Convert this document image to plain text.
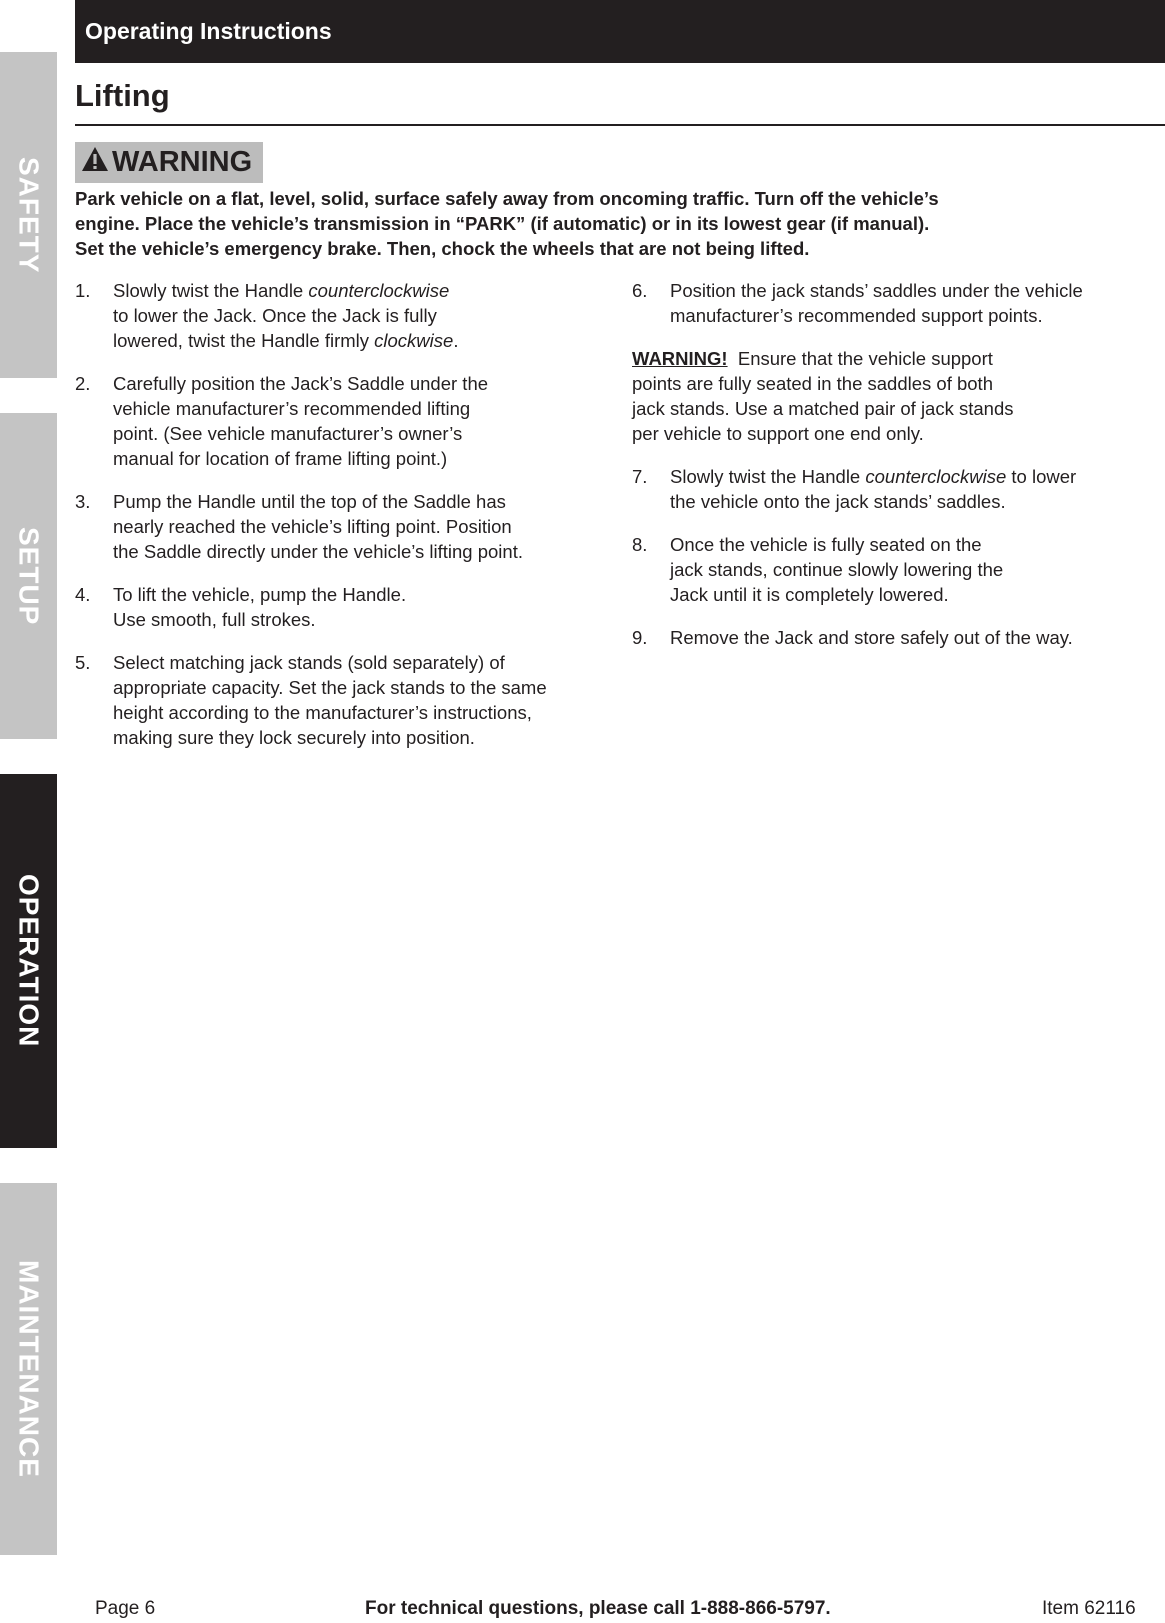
SAFETY
SETUP
OPERATION
MAINTENANCE
Operating Instructions
Lifting
WARNING
Park vehicle on a flat, level, solid, surface safely away from oncoming traffic. Turn off the vehicle’s
engine. Place the vehicle’s transmission in “PARK” (if automatic) or in its lowest gear (if manual).
Set the vehicle’s emergency brake. Then, chock the wheels that are not being lifted.
1.	Slowly twist the Handle counterclockwise
to lower the Jack. Once the Jack is fully
lowered, twist the Handle firmly clockwise.
2.	Carefully position the Jack’s Saddle under the
vehicle manufacturer’s recommended lifting
point. (See vehicle manufacturer’s owner’s
manual for location of frame lifting point.)
3.	Pump the Handle until the top of the Saddle has
nearly reached the vehicle’s lifting point. Position
the Saddle directly under the vehicle’s lifting point.
4.	To lift the vehicle, pump the Handle.
Use smooth, full strokes.
5.	Select matching jack stands (sold separately) of
appropriate capacity. Set the jack stands to the same
height according to the manufacturer’s instructions,
making sure they lock securely into position.
6.	Position the jack stands’ saddles under the vehicle
manufacturer’s recommended support points.
WARNING!  Ensure that the vehicle support
points are fully seated in the saddles of both
jack stands. Use a matched pair of jack stands
per vehicle to support one end only.
7.	Slowly twist the Handle counterclockwise to lower
the vehicle onto the jack stands’ saddles.
8.	Once the vehicle is fully seated on the
jack stands, continue slowly lowering the
Jack until it is completely lowered.
9.	Remove the Jack and store safely out of the way.
Page 6	For technical questions, please call 1-888-866-5797.	Item 62116
